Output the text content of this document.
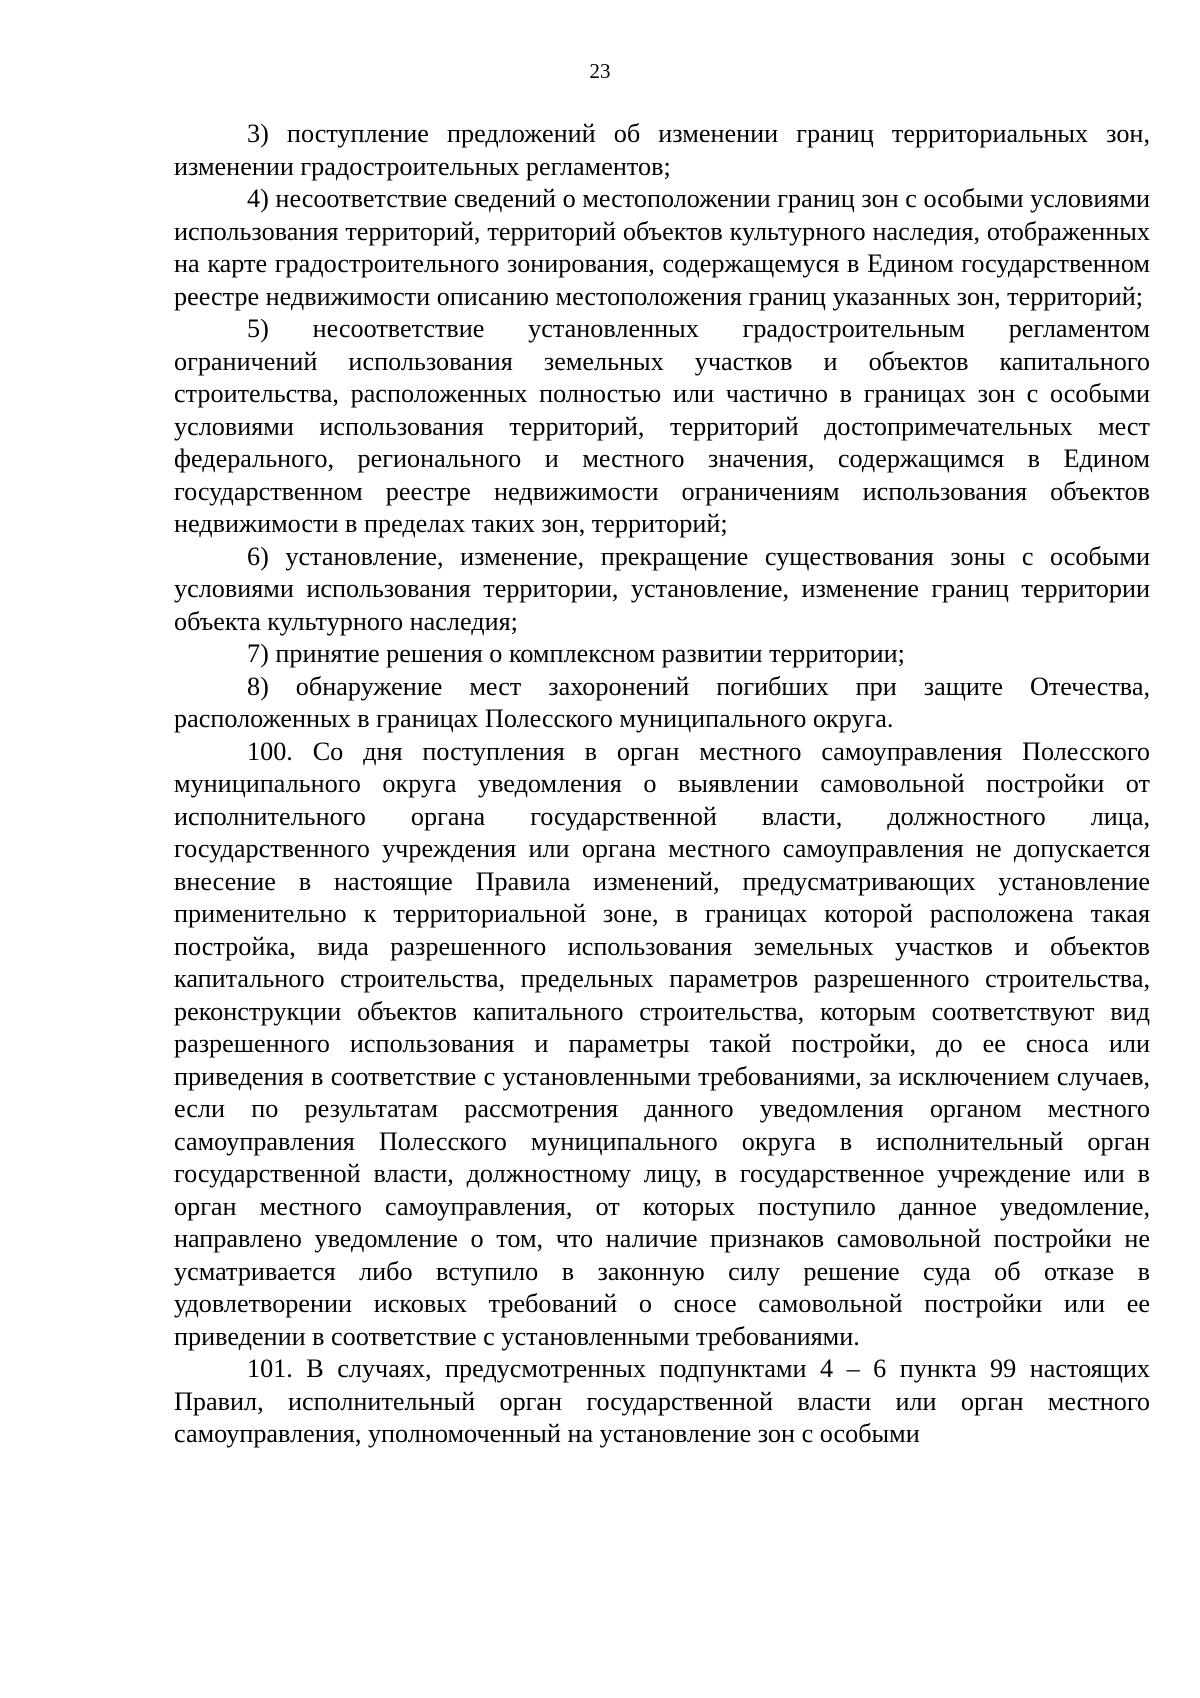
23

3) поступление предложений об изменении границ территориальных зон, изменении градостроительных регламентов;

4) несоответствие сведений о местоположении границ зон с особыми условиями использования территорий, территорий объектов культурного наследия, отображенных на карте градостроительного зонирования, содержащемуся в Едином государственном реестре недвижимости описанию местоположения границ указанных зон, территорий;

5) несоответствие установленных градостроительным регламентом ограничений использования земельных участков и объектов капитального строительства, расположенных полностью или частично в границах зон с особыми условиями использования территорий, территорий достопримечательных мест федерального, регионального и местного значения, содержащимся в Едином государственном реестре недвижимости ограничениям использования объектов недвижимости в пределах таких зон, территорий;

6) установление, изменение, прекращение существования зоны с особыми условиями использования территории, установление, изменение границ территории объекта культурного наследия;

7) принятие решения о комплексном развитии территории;

8) обнаружение мест захоронений погибших при защите Отечества, расположенных в границах Полесского муниципального округа.

100. Со дня поступления в орган местного самоуправления Полесского муниципального округа уведомления о выявлении самовольной постройки от исполнительного органа государственной власти, должностного лица, государственного учреждения или органа местного самоуправления не допускается внесение в настоящие Правила изменений, предусматривающих установление применительно к территориальной зоне, в границах которой расположена такая постройка, вида разрешенного использования земельных участков и объектов капитального строительства, предельных параметров разрешенного строительства, реконструкции объектов капитального строительства, которым соответствуют вид разрешенного использования и параметры такой постройки, до ее сноса или приведения в соответствие с установленными требованиями, за исключением случаев, если по результатам рассмотрения данного уведомления органом местного самоуправления Полесского муниципального округа в исполнительный орган государственной власти, должностному лицу, в государственное учреждение или в орган местного самоуправления, от которых поступило данное уведомление, направлено уведомление о том, что наличие признаков самовольной постройки не усматривается либо вступило в законную силу решение суда об отказе в удовлетворении исковых требований о сносе самовольной постройки или ее приведении в соответствие с установленными требованиями.

101. В случаях, предусмотренных подпунктами 4 – 6 пункта 99 настоящих Правил, исполнительный орган государственной власти или орган местного самоуправления, уполномоченный на установление зон с особыми
